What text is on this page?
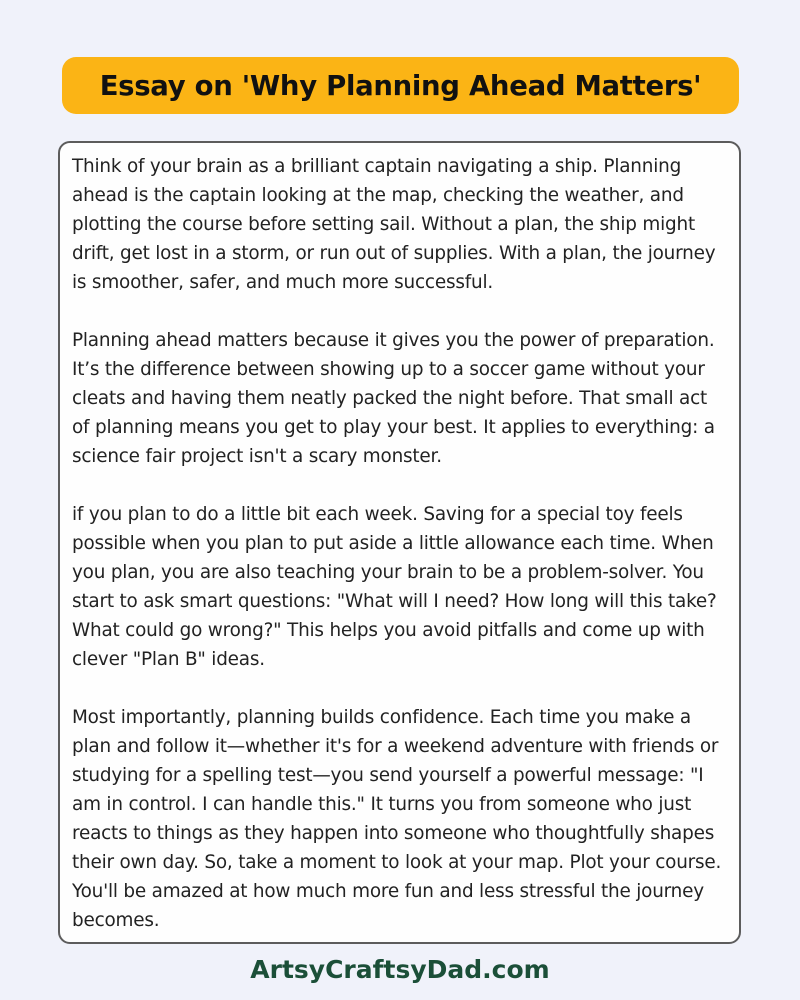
Essay on 'Why Planning Ahead Matters'

Think of your brain as a brilliant captain navigating a ship. Planning ahead is the captain looking at the map, checking the weather, and plotting the course before setting sail. Without a plan, the ship might drift, get lost in a storm, or run out of supplies. With a plan, the journey is smoother, safer, and much more successful.

Planning ahead matters because it gives you the power of preparation. It’s the difference between showing up to a soccer game without your cleats and having them neatly packed the night before. That small act of planning means you get to play your best. It applies to everything: a science fair project isn't a scary monster.

if you plan to do a little bit each week. Saving for a special toy feels possible when you plan to put aside a little allowance each time. When you plan, you are also teaching your brain to be a problem-solver. You start to ask smart questions: "What will I need? How long will this take? What could go wrong?" This helps you avoid pitfalls and come up with clever "Plan B" ideas.

Most importantly, planning builds confidence. Each time you make a plan and follow it—whether it's for a weekend adventure with friends or studying for a spelling test—you send yourself a powerful message: "I am in control. I can handle this." It turns you from someone who just reacts to things as they happen into someone who thoughtfully shapes their own day. So, take a moment to look at your map. Plot your course. You'll be amazed at how much more fun and less stressful the journey becomes.

ArtsyCraftsyDad.com
